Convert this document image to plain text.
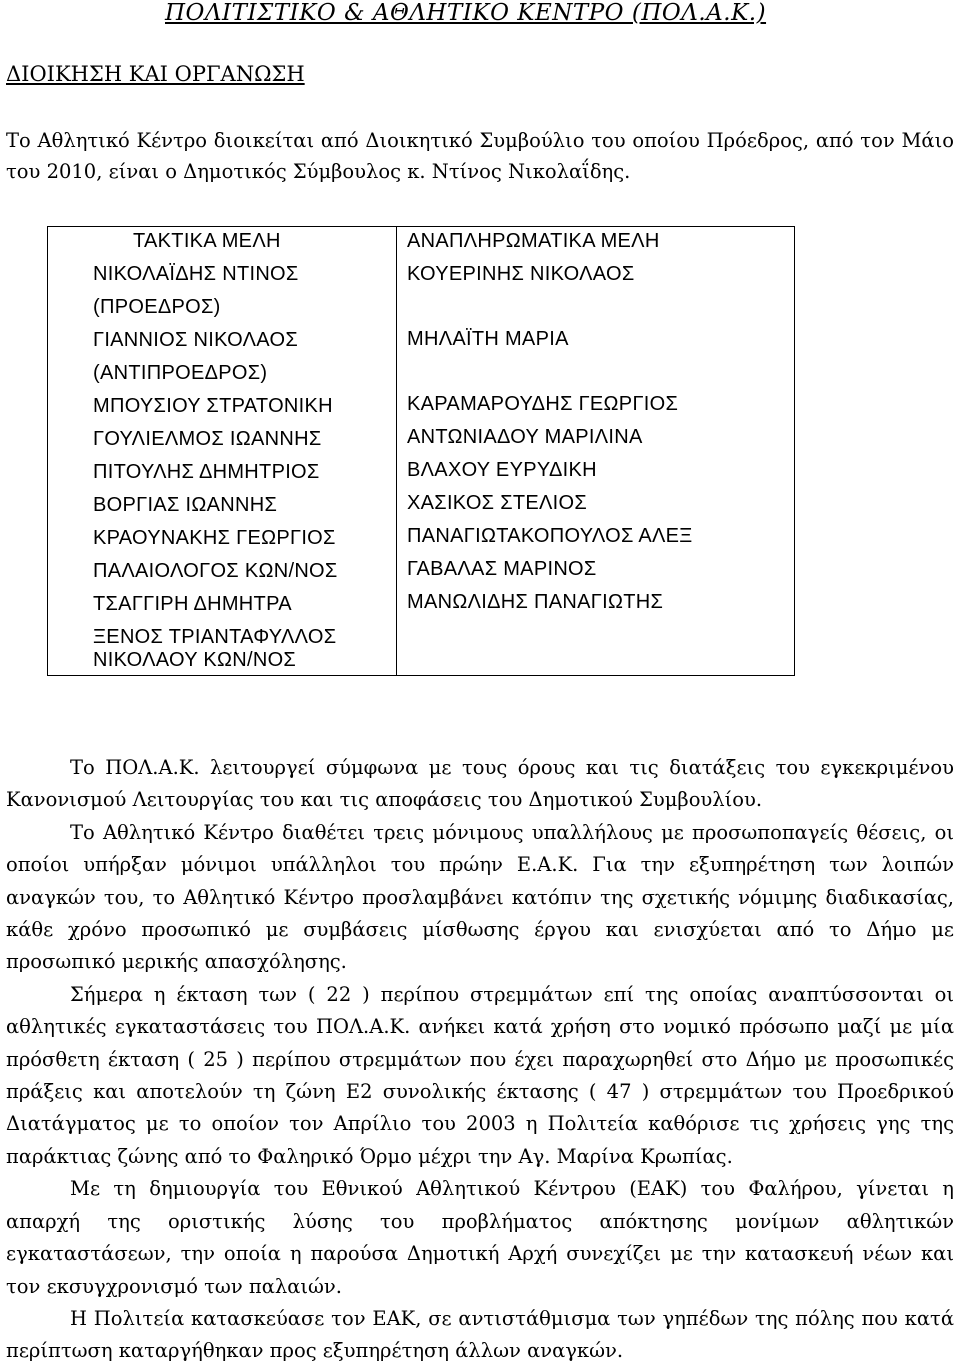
ΠΟΛΙΤΙΣΤΙΚΟ & ΑΘΛΗΤΙΚΟ ΚΕΝΤΡΟ (ΠΟΛ.Α.Κ.)
ΔΙΟΙΚΗΣΗ ΚΑΙ ΟΡΓΑΝΩΣΗ
Το Αθλητικό Κέντρο διοικείται από Διοικητικό Συμβούλιο του οποίου Πρόεδρος, από τον Μάιο του 2010, είναι ο Δημοτικός Σύμβουλος κ. Ντίνος Νικολαΐδης.
ΤΑΚΤΙΚΑ ΜΕΛΗ
ΝΙΚΟΛΑΪΔΗΣ ΝΤΙΝΟΣ
(ΠΡΟΕΔΡΟΣ)
ΓΙΑΝΝΙΟΣ ΝΙΚΟΛΑΟΣ
(ΑΝΤΙΠΡΟΕΔΡΟΣ)
ΜΠΟΥΣΙΟΥ ΣΤΡΑΤΟΝΙΚΗ
ΓΟΥΛΙΕΛΜΟΣ ΙΩΑΝΝΗΣ
ΠΙΤΟΥΛΗΣ ΔΗΜΗΤΡΙΟΣ
ΒΟΡΓΙΑΣ ΙΩΑΝΝΗΣ
ΚΡΑΟΥΝΑΚΗΣ ΓΕΩΡΓΙΟΣ
ΠΑΛΑΙΟΛΟΓΟΣ ΚΩΝ/ΝΟΣ
ΤΣΑΓΓΙΡΗ ΔΗΜΗΤΡΑ
ΞΕΝΟΣ ΤΡΙΑΝΤΑΦΥΛΛΟΣ
ΝΙΚΟΛΑΟΥ ΚΩΝ/ΝΟΣ
ΑΝΑΠΛΗΡΩΜΑΤΙΚΑ ΜΕΛΗ
ΚΟΥΕΡΙΝΗΣ ΝΙΚΟΛΑΟΣ
ΜΗΛΑΪΤΗ ΜΑΡΙΑ
ΚΑΡΑΜΑΡΟΥΔΗΣ ΓΕΩΡΓΙΟΣ
ΑΝΤΩΝΙΑΔΟΥ ΜΑΡΙΛΙΝΑ
ΒΛΑΧΟΥ ΕΥΡΥΔΙΚΗ
ΧΑΣΙΚΟΣ ΣΤΕΛΙΟΣ
ΠΑΝΑΓΙΩΤΑΚΟΠΟΥΛΟΣ ΑΛΕΞ
ΓΑΒΑΛΑΣ ΜΑΡΙΝΟΣ
ΜΑΝΩΛΙΔΗΣ ΠΑΝΑΓΙΩΤΗΣ

Το ΠΟΛ.Α.Κ. λειτουργεί σύμφωνα με τους όρους και τις διατάξεις του εγκεκριμένου Κανονισμού Λειτουργίας του και τις αποφάσεις του Δημοτικού Συμβουλίου.

Το Αθλητικό Κέντρο διαθέτει τρεις μόνιμους υπαλλήλους με προσωποπαγείς θέσεις, οι οποίοι υπήρξαν μόνιμοι υπάλληλοι του πρώην Ε.Α.Κ. Για την εξυπηρέτηση των λοιπών αναγκών του, το Αθλητικό Κέντρο προσλαμβάνει κατόπιν της σχετικής νόμιμης διαδικασίας, κάθε χρόνο προσωπικό με συμβάσεις μίσθωσης έργου και ενισχύεται από το Δήμο με προσωπικό μερικής απασχόλησης.

Σήμερα η έκταση των ( 22 ) περίπου στρεμμάτων επί της οποίας αναπτύσσονται οι αθλητικές εγκαταστάσεις του ΠΟΛ.Α.Κ. ανήκει κατά χρήση στο νομικό πρόσωπο μαζί με μία πρόσθετη έκταση ( 25 ) περίπου στρεμμάτων που έχει παραχωρηθεί στο Δήμο με προσωπικές πράξεις και αποτελούν τη ζώνη Ε2 συνολικής έκτασης ( 47 ) στρεμμάτων του Προεδρικού Διατάγματος με το οποίον τον Απρίλιο του 2003 η Πολιτεία καθόρισε τις χρήσεις γης της παράκτιας ζώνης από το Φαληρικό Όρμο μέχρι την Αγ. Μαρίνα Κρωπίας.

Με τη δημιουργία του Εθνικού Αθλητικού Κέντρου (ΕΑΚ) του Φαλήρου, γίνεται η απαρχή της οριστικής λύσης του προβλήματος απόκτησης μονίμων αθλητικών εγκαταστάσεων, την οποία η παρούσα Δημοτική Αρχή συνεχίζει με την κατασκευή νέων και τον εκσυγχρονισμό των παλαιών.

Η Πολιτεία κατασκεύασε τον ΕΑΚ, σε αντιστάθμισμα των γηπέδων της πόλης που κατά περίπτωση καταργήθηκαν προς εξυπηρέτηση άλλων αναγκών.
